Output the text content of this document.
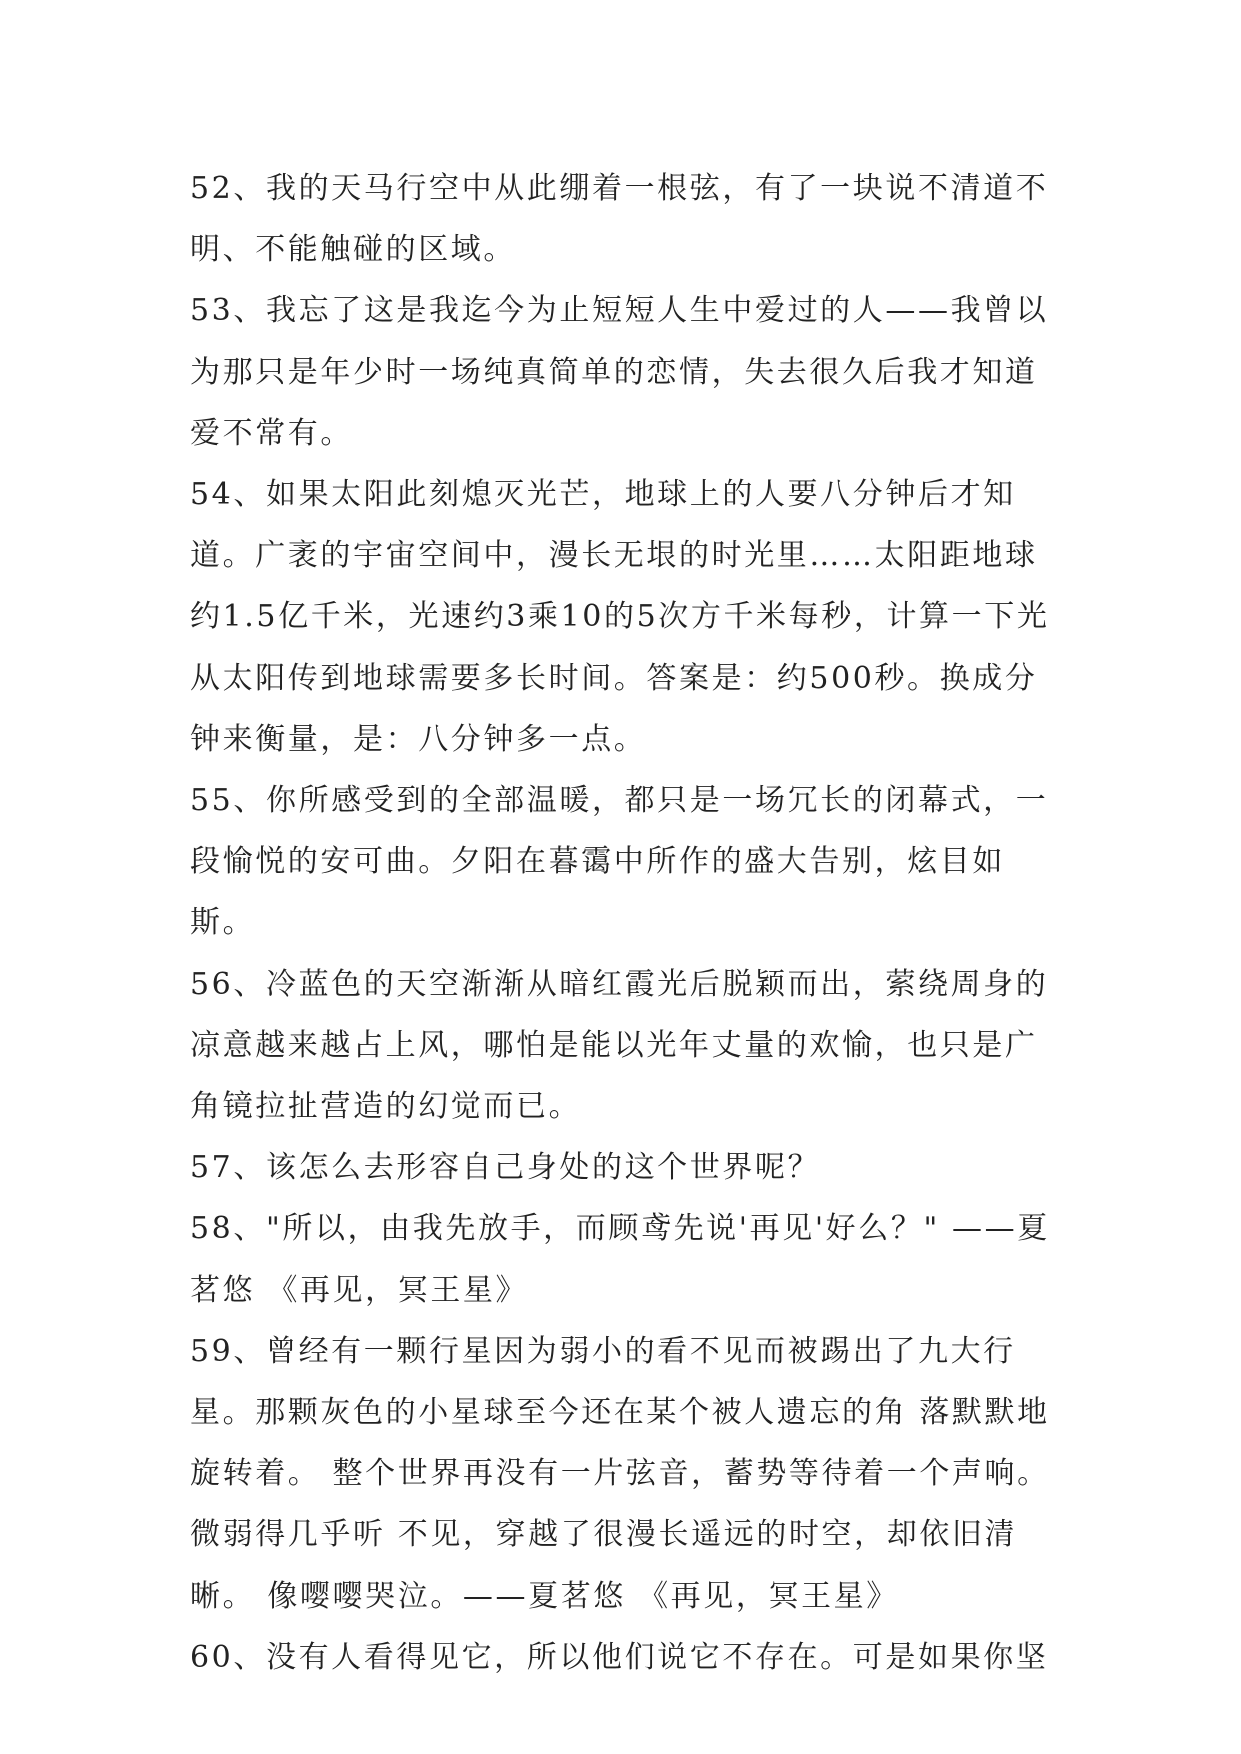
52、我的天马行空中从此绷着一根弦，有了一块说不清道不明、不能触碰的区域。

53、我忘了这是我迄今为止短短人生中爱过的人——我曾以为那只是年少时一场纯真简单的恋情，失去很久后我才知道爱不常有。

54、如果太阳此刻熄灭光芒，地球上的人要八分钟后才知道。广袤的宇宙空间中，漫长无垠的时光里……太阳距地球约1.5亿千米，光速约3乘10的5次方千米每秒，计算一下光从太阳传到地球需要多长时间。答案是：约500秒。换成分钟来衡量，是：八分钟多一点。

55、你所感受到的全部温暖，都只是一场冗长的闭幕式，一段愉悦的安可曲。夕阳在暮霭中所作的盛大告别，炫目如斯。

56、冷蓝色的天空渐渐从暗红霞光后脱颖而出，萦绕周身的凉意越来越占上风，哪怕是能以光年丈量的欢愉，也只是广角镜拉扯营造的幻觉而已。

57、该怎么去形容自己身处的这个世界呢？

58、"所以，由我先放手，而顾鸢先说'再见'好么？" ——夏茗悠 《再见，冥王星》

59、曾经有一颗行星因为弱小的看不见而被踢出了九大行星。那颗灰色的小星球至今还在某个被人遗忘的角 落默默地旋转着。 整个世界再没有一片弦音，蓄势等待着一个声响。微弱得几乎听 不见，穿越了很漫长遥远的时空，却依旧清晰。 像嘤嘤哭泣。——夏茗悠 《再见，冥王星》

60、没有人看得见它，所以他们说它不存在。可是如果你坚
